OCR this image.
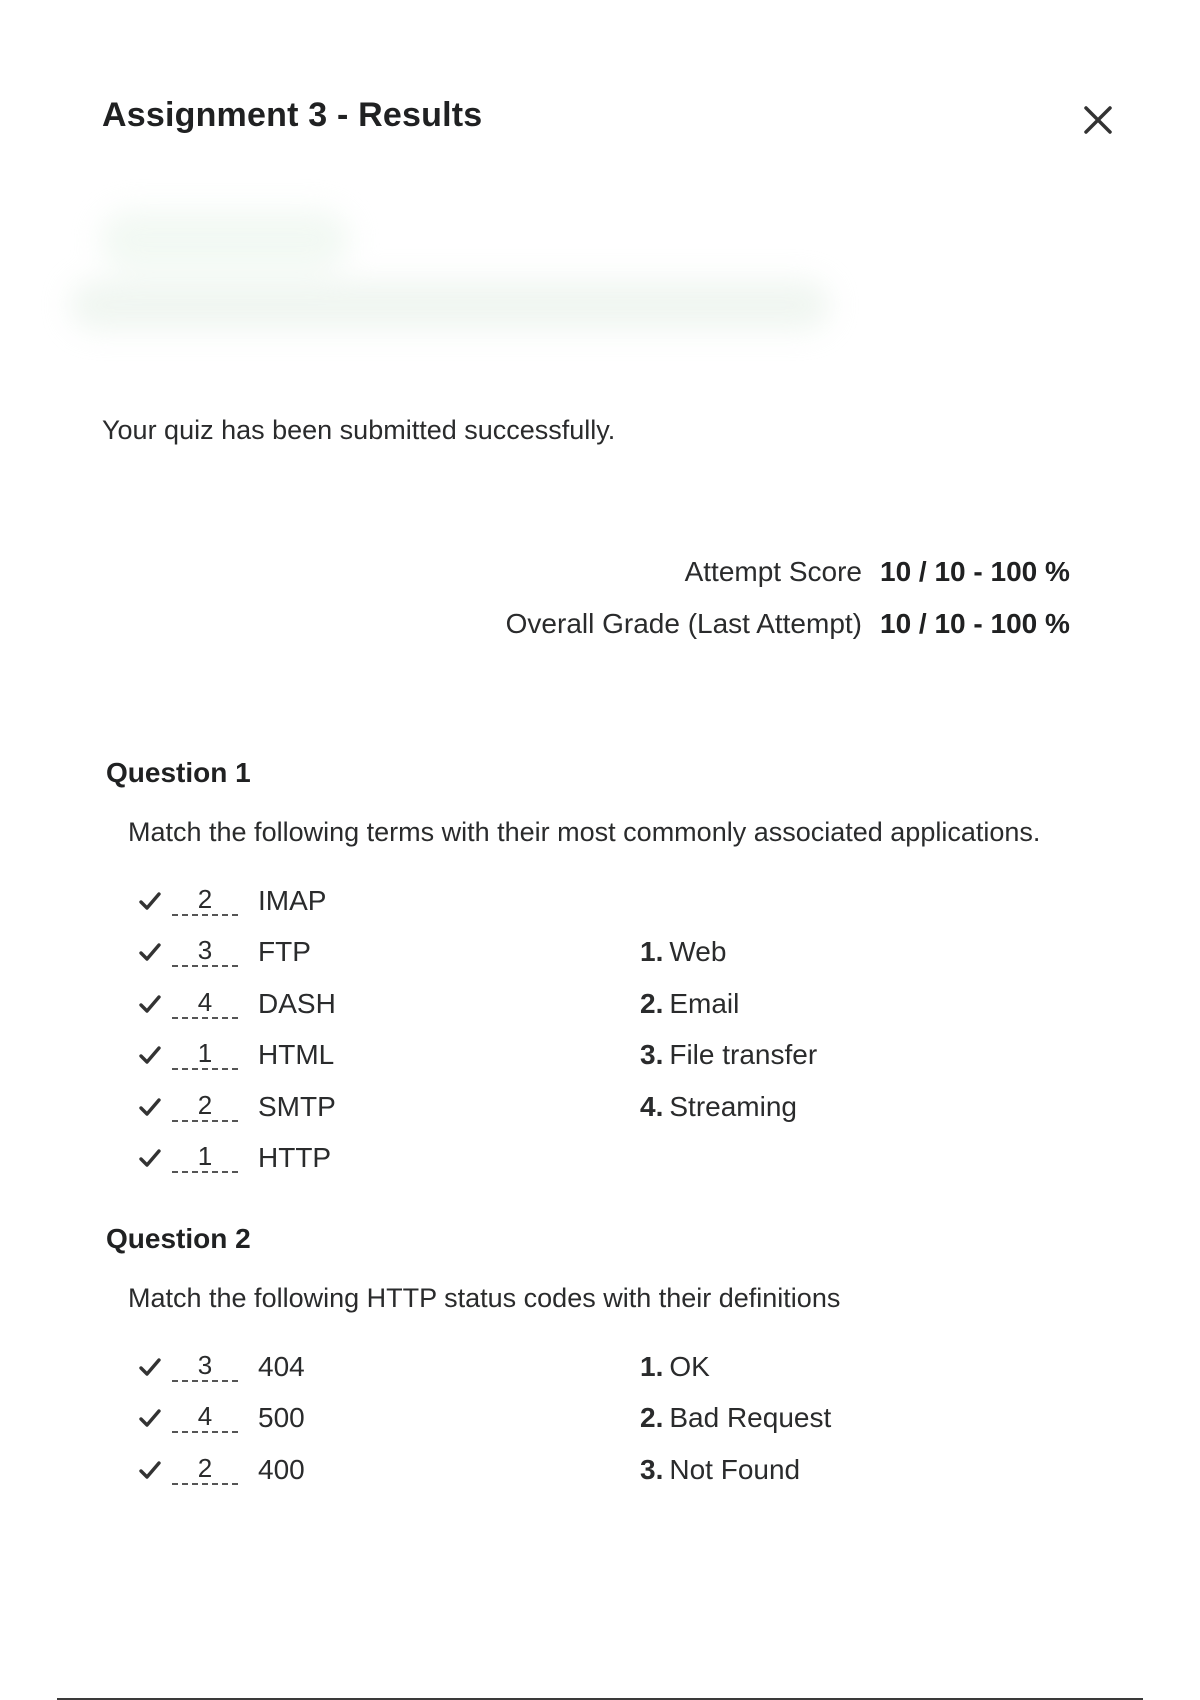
Assignment 3 - Results
Your quiz has been submitted successfully.
Attempt Score 10 / 10 - 100 %
Overall Grade (Last Attempt) 10 / 10 - 100 %
Question 1
Match the following terms with their most commonly associated applications.
2	IMAP
3	FTP
4	DASH
1	HTML
2	SMTP
1	HTTP
1. Web
2. Email
3. File transfer
4. Streaming
Question 2
Match the following HTTP status codes with their definitions
3	404
4	500
2	400
1. OK
2. Bad Request
3. Not Found
